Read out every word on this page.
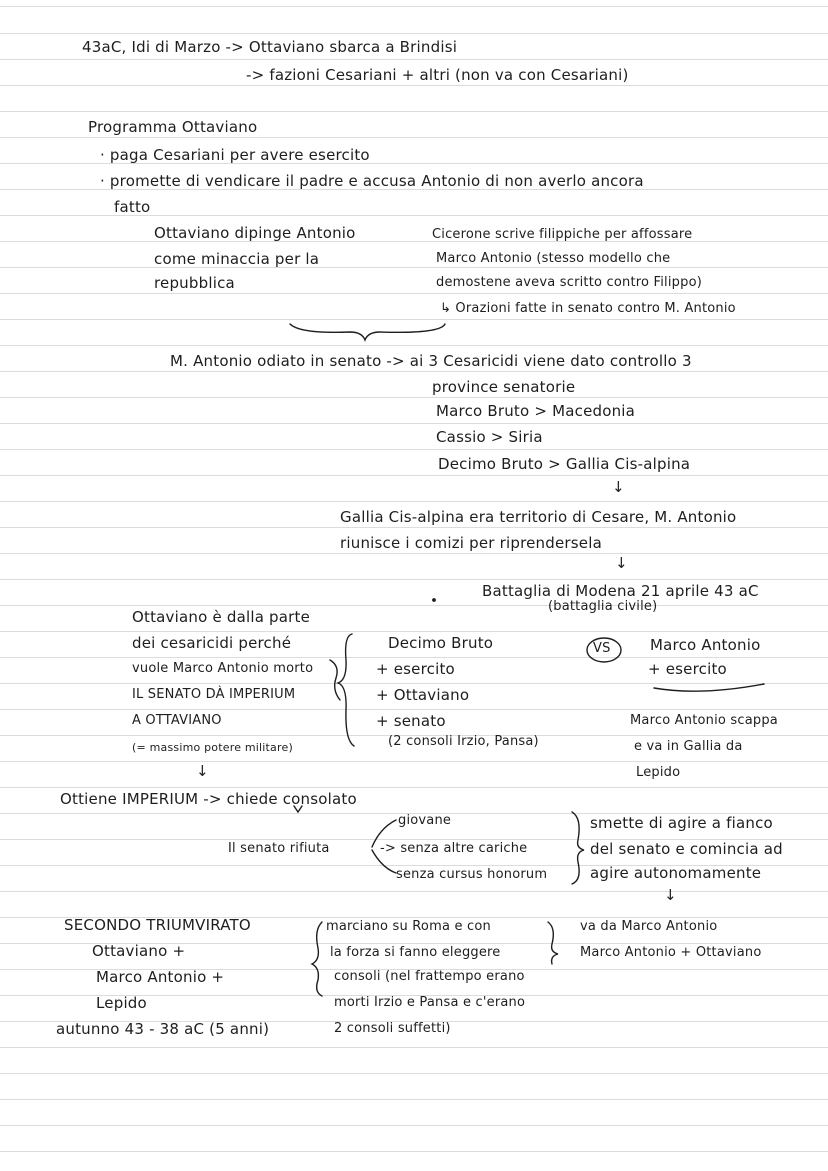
43aC, Idi di Marzo -> Ottaviano sbarca a Brindisi
-> fazioni Cesariani + altri (non va con Cesariani)
Programma Ottaviano
· paga Cesariani per avere esercito
· promette di vendicare il padre e accusa Antonio di non averlo ancora
fatto
Ottaviano dipinge Antonio
come minaccia per la
repubblica
Cicerone scrive filippiche per affossare
Marco Antonio (stesso modello che
demostene aveva scritto contro Filippo)
↳ Orazioni fatte in senato contro M. Antonio
M. Antonio odiato in senato -> ai 3 Cesaricidi viene dato controllo 3
province senatorie
Marco Bruto > Macedonia
Cassio > Siria
Decimo Bruto > Gallia Cis-alpina
↓
Gallia Cis-alpina era territorio di Cesare, M. Antonio
riunisce i comizi per riprendersela
↓
Battaglia di Modena 21 aprile 43 aC
(battaglia civile)
Ottaviano è dalla parte
dei cesaricidi perché
vuole Marco Antonio morto
IL SENATO DÀ IMPERIUM
A OTTAVIANO
(= massimo potere militare)
↓
Decimo Bruto
+ esercito
+ Ottaviano
+ senato
(2 consoli Irzio, Pansa)
VS	Marco Antonio
+ esercito
Marco Antonio scappa
e va in Gallia da
Lepido
Ottiene IMPERIUM -> chiede consolato
Il senato rifiuta
giovane
-> senza altre cariche
senza cursus honorum
smette di agire a fianco
del senato e comincia ad
agire autonomamente
↓
SECONDO TRIUMVIRATO
Ottaviano +
Marco Antonio +
Lepido
autunno 43 - 38 aC (5 anni)
marciano su Roma e con
la forza si fanno eleggere
consoli (nel frattempo erano
morti Irzio e Pansa e c'erano
2 consoli suffetti)
va da Marco Antonio
Marco Antonio + Ottaviano
